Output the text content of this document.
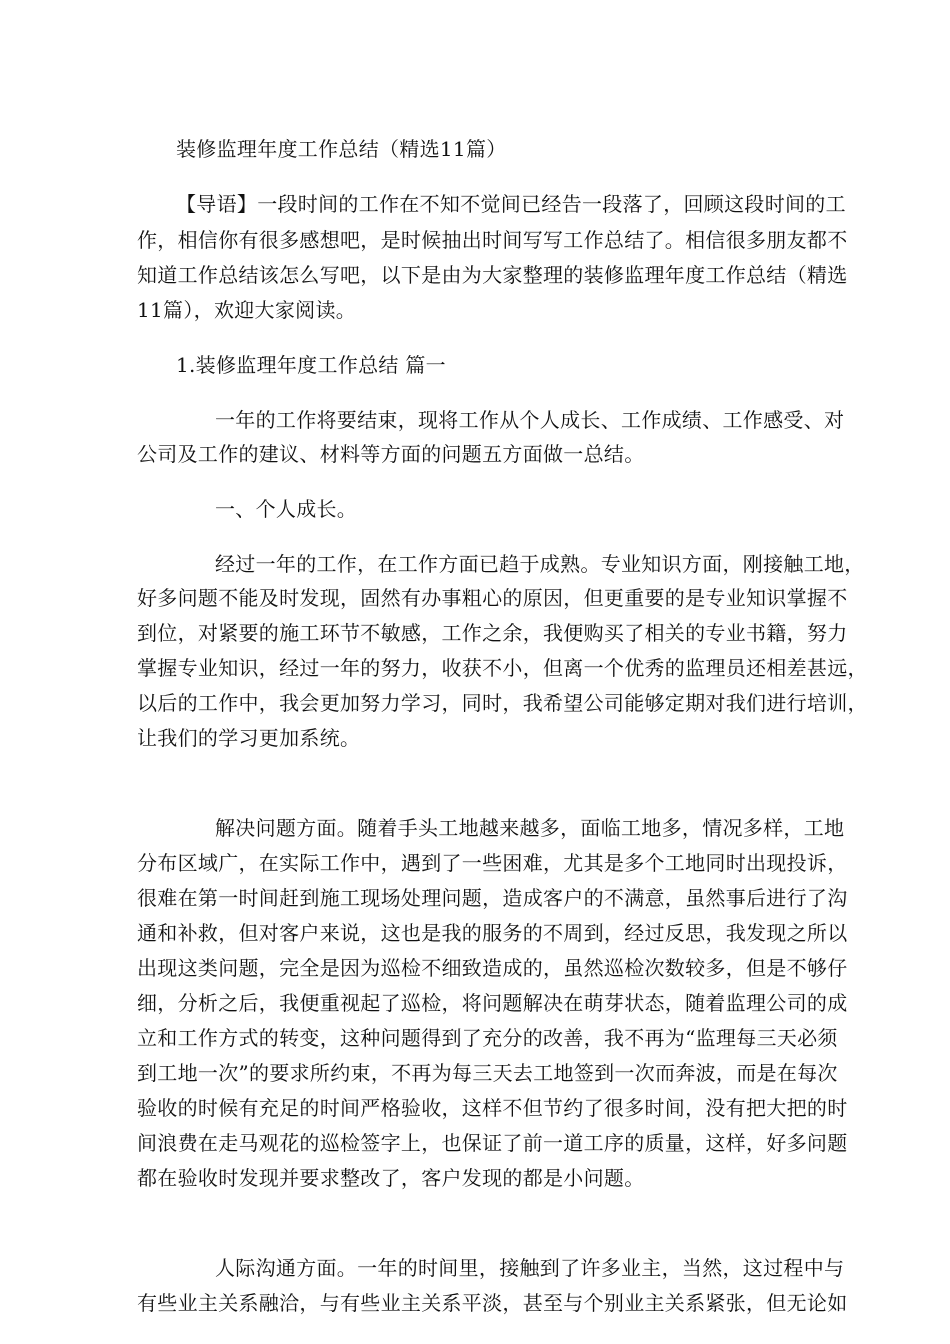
装修监理年度工作总结（精选11篇）
【导语】一段时间的工作在不知不觉间已经告一段落了，回顾这段时间的工
作，相信你有很多感想吧，是时候抽出时间写写工作总结了。相信很多朋友都不
知道工作总结该怎么写吧，以下是由为大家整理的装修监理年度工作总结（精选
11篇），欢迎大家阅读。
1.装修监理年度工作总结 篇一
一年的工作将要结束，现将工作从个人成长、工作成绩、工作感受、对
公司及工作的建议、材料等方面的问题五方面做一总结。
一、个人成长。
经过一年的工作，在工作方面已趋于成熟。专业知识方面，刚接触工地，
好多问题不能及时发现，固然有办事粗心的原因，但更重要的是专业知识掌握不
到位，对紧要的施工环节不敏感，工作之余，我便购买了相关的专业书籍，努力
掌握专业知识，经过一年的努力，收获不小，但离一个优秀的监理员还相差甚远，
以后的工作中，我会更加努力学习，同时，我希望公司能够定期对我们进行培训，
让我们的学习更加系统。
解决问题方面。随着手头工地越来越多，面临工地多，情况多样，工地
分布区域广，在实际工作中，遇到了一些困难，尤其是多个工地同时出现投诉，
很难在第一时间赶到施工现场处理问题，造成客户的不满意，虽然事后进行了沟
通和补救，但对客户来说，这也是我的服务的不周到，经过反思，我发现之所以
出现这类问题，完全是因为巡检不细致造成的，虽然巡检次数较多，但是不够仔
细，分析之后，我便重视起了巡检，将问题解决在萌芽状态，随着监理公司的成
立和工作方式的转变，这种问题得到了充分的改善，我不再为“监理每三天必须
到工地一次”的要求所约束，不再为每三天去工地签到一次而奔波，而是在每次
验收的时候有充足的时间严格验收，这样不但节约了很多时间，没有把大把的时
间浪费在走马观花的巡检签字上，也保证了前一道工序的质量，这样，好多问题
都在验收时发现并要求整改了，客户发现的都是小问题。
人际沟通方面。一年的时间里，接触到了许多业主，当然，这过程中与
有些业主关系融洽，与有些业主关系平淡，甚至与个别业主关系紧张，但无论如
